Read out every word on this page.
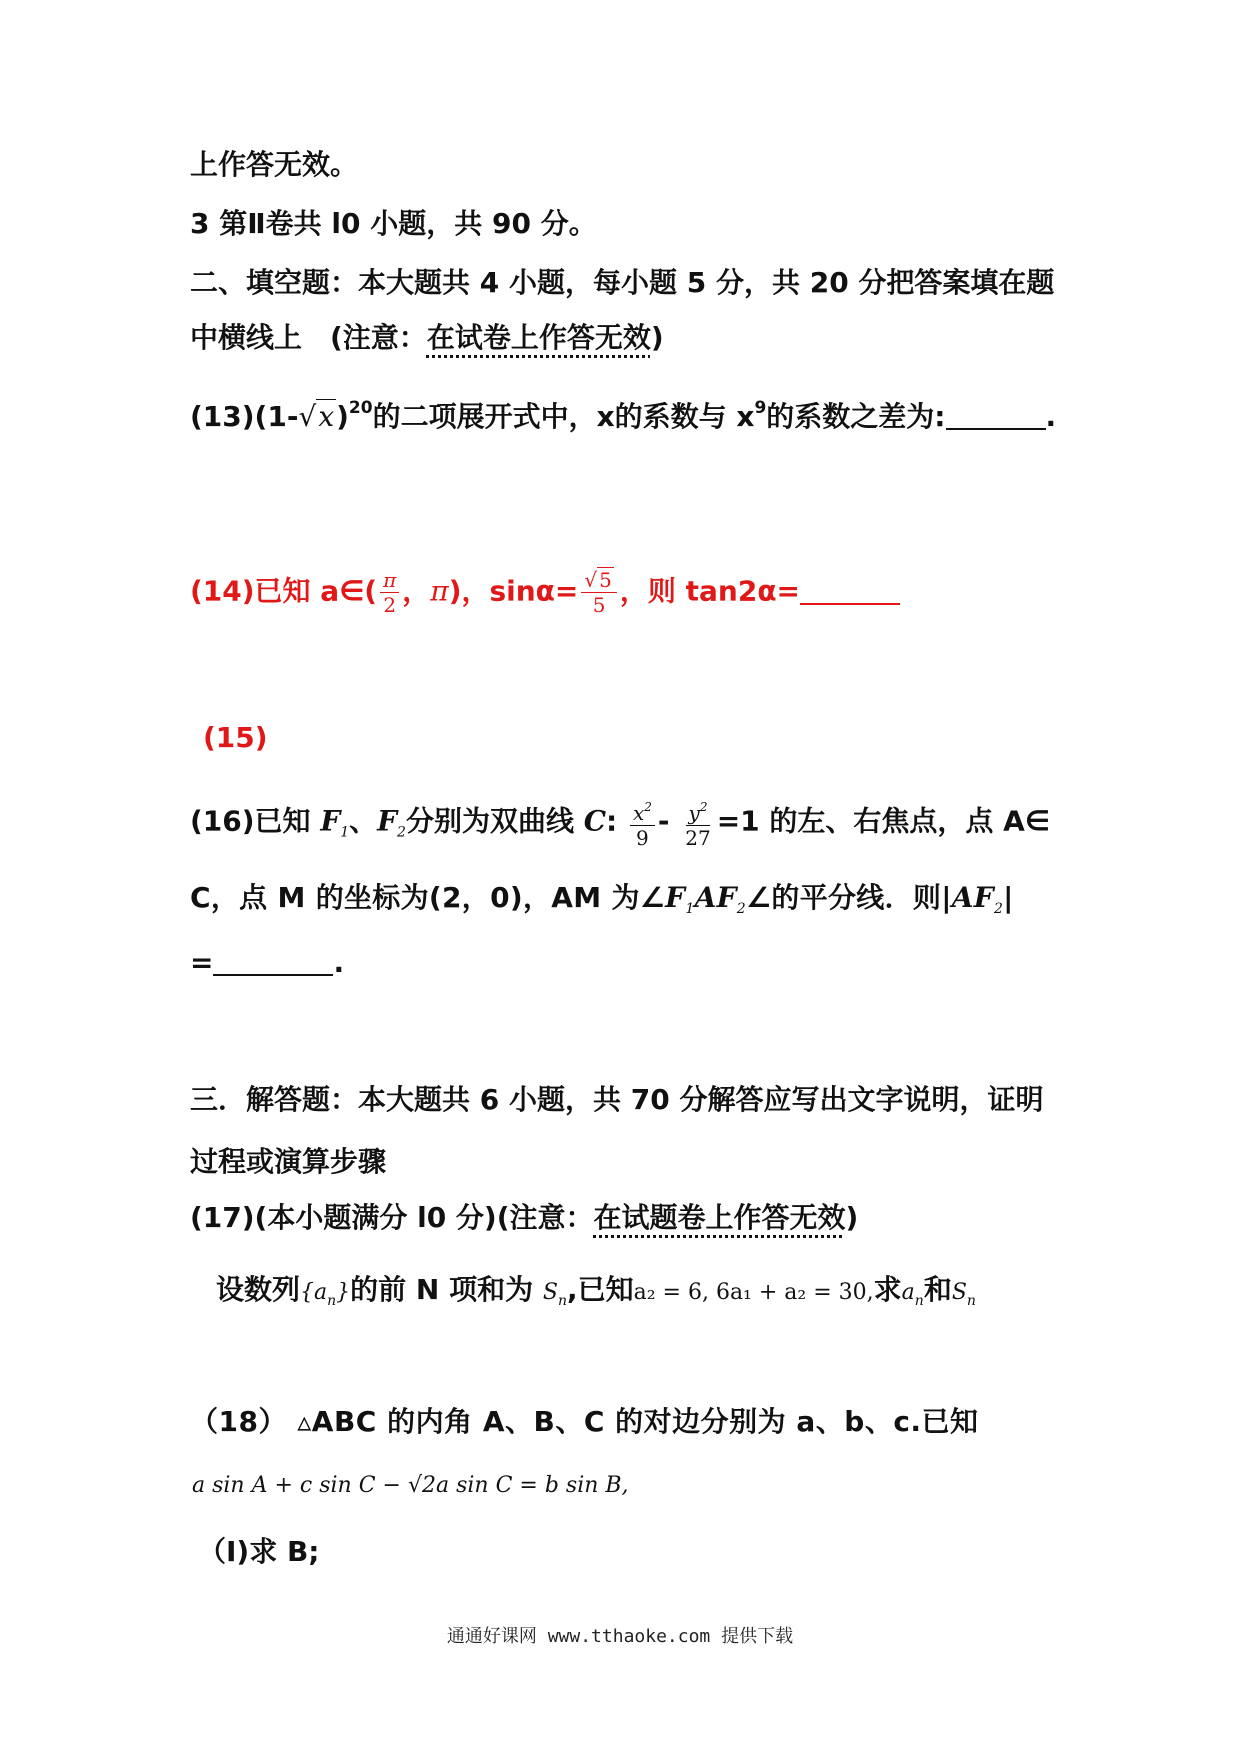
上作答无效。
3 第Ⅱ卷共 l0 小题，共 90 分。
二、填空题：本大题共 4 小题，每小题 5 分，共 20 分把答案填在题
中横线上　(注意：在试卷上作答无效)
$(13)(1-√x)^{20}$的二项展开式中，x的系数与 $x^9$的系数之差为:	.
(14)已知 a∈( $\frac{\pi}{2}$ ，π)，$\sin\alpha= \frac{√ 5}{5}$ ，则 tan2α=
(15)
(16)已知 $F_1$、$F_2$分别为双曲线 C: $\frac{x^2}{9} - \frac{y^2}{27} =1$ 的左、右焦点，点 A∈
C，点 M 的坐标为(2，0)，AM 为$\angle F_1AF_2\angle$的平分线．则$|AF_2|$
=	.
三．解答题：本大题共 6 小题，共 70 分解答应写出文字说明，证明
过程或演算步骤
(17)(本小题满分 l0 分)(注意：在试题卷上作答无效)
设数列$\{a_n\}$的前 N 项和为 $S_n$,已知a₂ = 6, 6a₁ + a₂ = 30,求$a_n$和$S_n$
（18） ▵ABC 的内角 A、B、C 的对边分别为 a、b、c.已知
a sin A + c sin C − √2a sin C = b sin B,
（Ⅰ)求 B;
通通好课网 www.tthaoke.com 提供下载
